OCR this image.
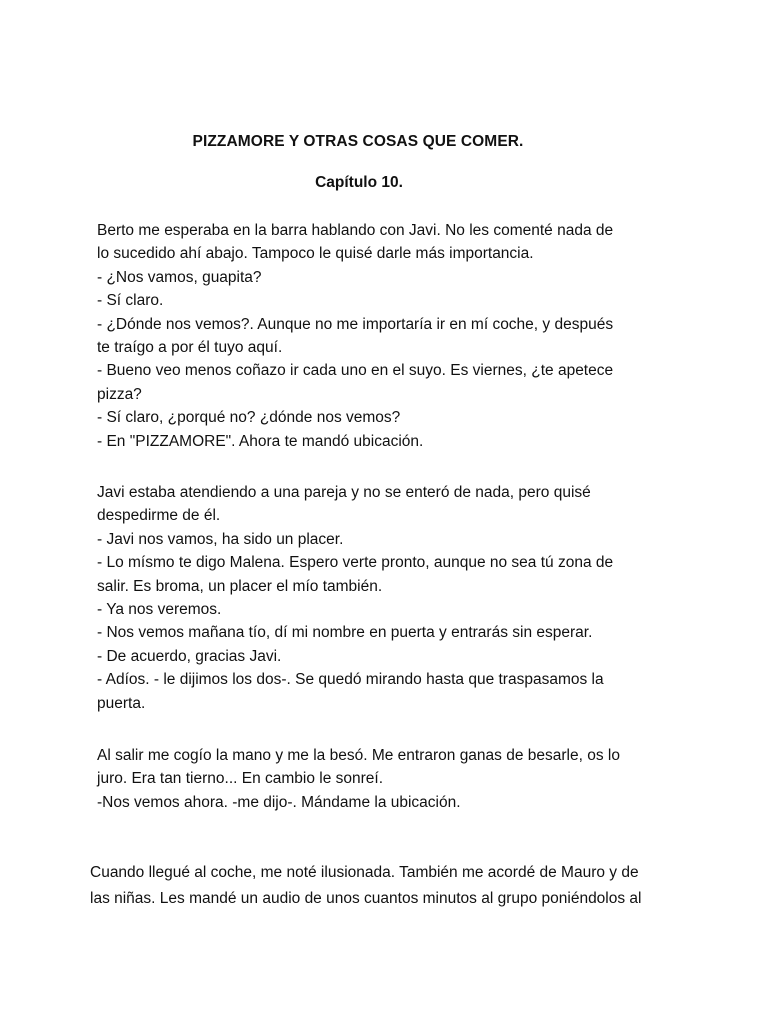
PIZZAMORE Y OTRAS COSAS QUE COMER.
Capítulo 10.

Berto me esperaba en la barra hablando con Javi. No les comenté nada de

lo sucedido ahí abajo. Tampoco le quisé darle más importancia.

- ¿Nos vamos, guapita?

- Sí claro.

- ¿Dónde nos vemos?. Aunque no me importaría ir en mí coche, y después

te traígo a por él tuyo aquí.

- Bueno veo menos coñazo ir cada uno en el suyo. Es viernes, ¿te apetece

pizza?

- Sí claro, ¿porqué no? ¿dónde nos vemos?

- En "PIZZAMORE". Ahora te mandó ubicación.

Javi estaba atendiendo a una pareja y no se enteró de nada, pero quisé

despedirme de él.

- Javi nos vamos, ha sido un placer.

- Lo mísmo te digo Malena. Espero verte pronto, aunque no sea tú zona de

salir. Es broma, un placer el mío también.

- Ya nos veremos.

- Nos vemos mañana tío, dí mi nombre en puerta y entrarás sin esperar.

- De acuerdo, gracias Javi.

- Adíos. - le dijimos los dos-. Se quedó mirando hasta que traspasamos la

puerta.

Al salir me cogío la mano y me la besó. Me entraron ganas de besarle, os lo

juro. Era tan tierno... En cambio le sonreí.

-Nos vemos ahora. -me dijo-. Mándame la ubicación.

Cuando llegué al coche, me noté ilusionada. También me acordé de Mauro y de

las niñas. Les mandé un audio de unos cuantos minutos al grupo poniéndolos al
